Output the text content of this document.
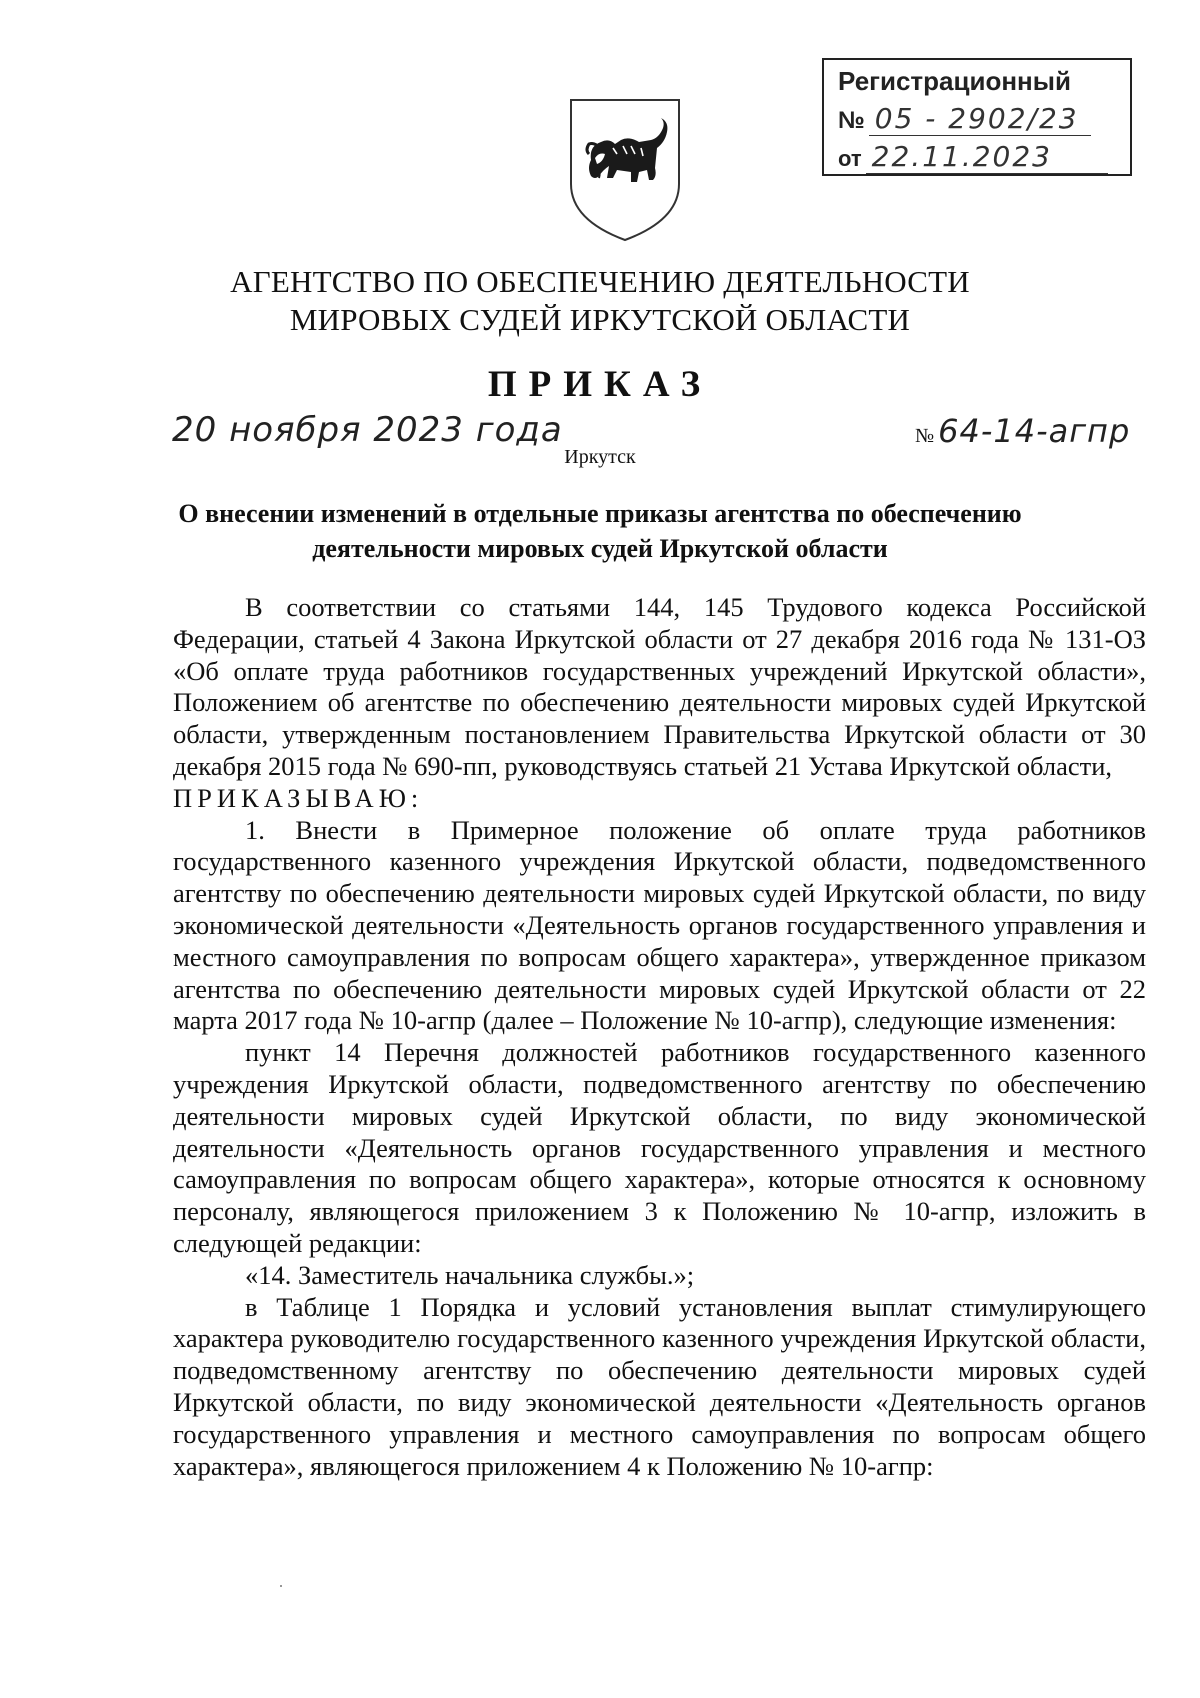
Регистрационный
№ 05 - 2902/23
от 22.11.2023
АГЕНТСТВО ПО ОБЕСПЕЧЕНИЮ ДЕЯТЕЛЬНОСТИ
МИРОВЫХ СУДЕЙ ИРКУТСКОЙ ОБЛАСТИ
ПРИКАЗ
20 ноября 2023 года	№ 64-14-агпр
Иркутск
О внесении изменений в отдельные приказы агентства по обеспечению деятельности мировых судей Иркутской области

В соответствии со статьями 144, 145 Трудового кодекса Российской Федерации, статьей 4 Закона Иркутской области от 27 декабря 2016 года № 131-ОЗ «Об оплате труда работников государственных учреждений Иркутской области», Положением об агентстве по обеспечению деятельности мировых судей Иркутской области, утвержденным постановлением Правительства Иркутской области от 30 декабря 2015 года № 690-пп, руководствуясь статьей 21 Устава Иркутской области,

ПРИКАЗЫВАЮ:

1. Внести в Примерное положение об оплате труда работников государственного казенного учреждения Иркутской области, подведомственного агентству по обеспечению деятельности мировых судей Иркутской области, по виду экономической деятельности «Деятельность органов государственного управления и местного самоуправления по вопросам общего характера», утвержденное приказом агентства по обеспечению деятельности мировых судей Иркутской области от 22 марта 2017 года № 10-агпр (далее – Положение № 10-агпр), следующие изменения:

пункт 14 Перечня должностей работников государственного казенного учреждения Иркутской области, подведомственного агентству по обеспечению деятельности мировых судей Иркутской области, по виду экономической деятельности «Деятельность органов государственного управления и местного самоуправления по вопросам общего характера», которые относятся к основному персоналу, являющегося приложением 3 к Положению № 10-агпр, изложить в следующей редакции:

«14. Заместитель начальника службы.»;

в Таблице 1 Порядка и условий установления выплат стимулирующего характера руководителю государственного казенного учреждения Иркутской области, подведомственному агентству по обеспечению деятельности мировых судей Иркутской области, по виду экономической деятельности «Деятельность органов государственного управления и местного самоуправления по вопросам общего характера», являющегося приложением 4 к Положению № 10-агпр:
